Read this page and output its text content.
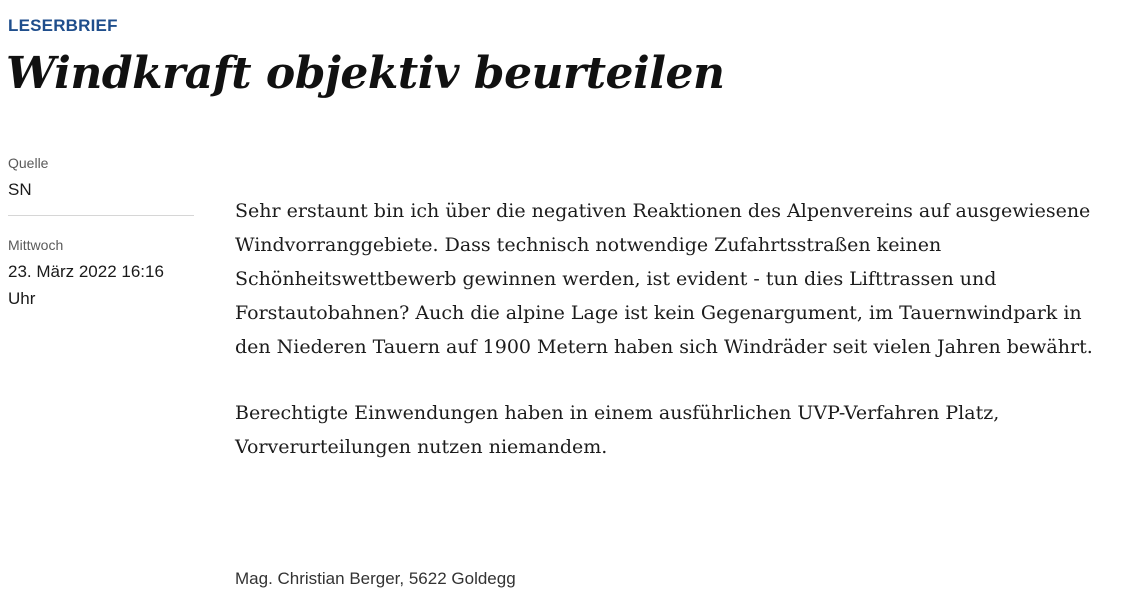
LESERBRIEF
Windkraft objektiv beurteilen
Quelle
SN
Mittwoch
23. März 2022 16:16 Uhr

Sehr erstaunt bin ich über die negativen Reaktionen des Alpenvereins auf ausgewiesene Windvorranggebiete. Dass technisch notwendige Zufahrtsstraßen keinen Schönheitswettbewerb gewinnen werden, ist evident - tun dies Lifttrassen und Forstautobahnen? Auch die alpine Lage ist kein Gegenargument, im Tauernwindpark in den Niederen Tauern auf 1900 Metern haben sich Windräder seit vielen Jahren bewährt.

Berechtigte Einwendungen haben in einem ausführlichen UVP-Verfahren Platz, Vorverurteilungen nutzen niemandem.

Mag. Christian Berger, 5622 Goldegg
